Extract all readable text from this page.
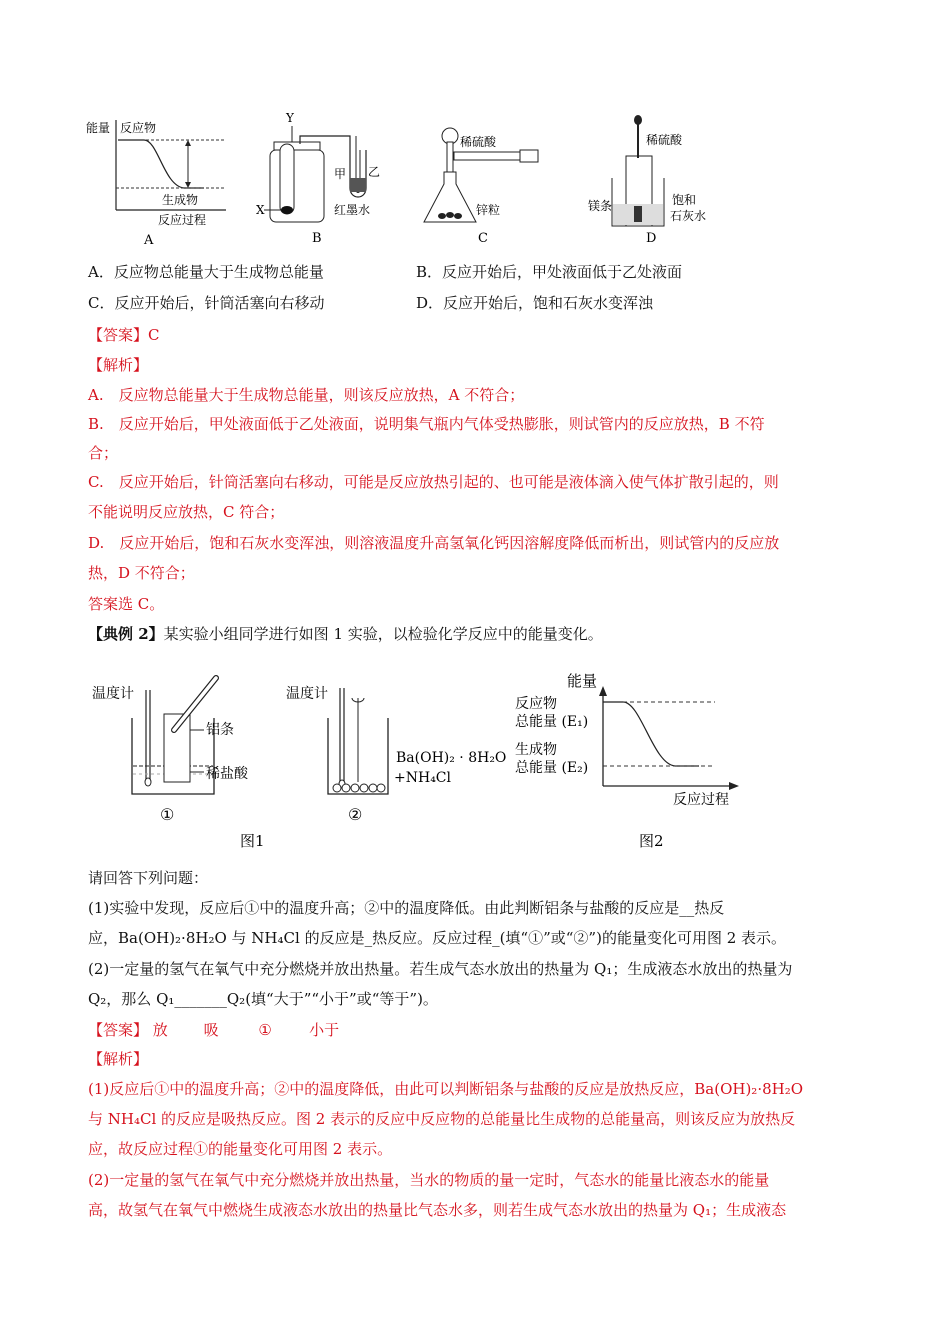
能量 反应物
生成物
反应过程
A
Y
X
甲 乙
红墨水
B
稀硫酸
锌粒
C
稀硫酸
镁条	饱和
石灰水
D
A．反应物总能量大于生成物总能量	B．反应开始后，甲处液面低于乙处液面
C．反应开始后，针筒活塞向右移动	D．反应开始后，饱和石灰水变浑浊
【答案】C
【解析】
A.　反应物总能量大于生成物总能量，则该反应放热，A 不符合；
B.　反应开始后，甲处液面低于乙处液面，说明集气瓶内气体受热膨胀，则试管内的反应放热，B 不符
合；
C.　反应开始后，针筒活塞向右移动，可能是反应放热引起的、也可能是液体滴入使气体扩散引起的，则
不能说明反应放热，C 符合；
D.　反应开始后，饱和石灰水变浑浊，则溶液温度升高氢氧化钙因溶解度降低而析出，则试管内的反应放
热，D 不符合；
答案选 C。
【典例 2】某实验小组同学进行如图 1 实验，以检验化学反应中的能量变化。
温度计
铝条
稀盐酸
①
温度计
Ba(OH)₂ · 8H₂O
+NH₄Cl
②
图1
能量
反应物
总能量 (E₁)
生成物
总能量 (E₂)
反应过程
图2
请回答下列问题：
(1)实验中发现，反应后①中的温度升高；②中的温度降低。由此判断铝条与盐酸的反应是__热反
应，Ba(OH)₂·8H₂O 与 NH₄Cl 的反应是_热反应。反应过程_(填“①”或“②”)的能量变化可用图 2 表示。
(2)一定量的氢气在氧气中充分燃烧并放出热量。若生成气态水放出的热量为 Q₁；生成液态水放出的热量为
Q₂，那么 Q₁_______Q₂(填“大于”“小于”或“等于”)。
【答案】 放 吸	① 小于
【解析】
(1)反应后①中的温度升高；②中的温度降低，由此可以判断铝条与盐酸的反应是放热反应，Ba(OH)₂·8H₂O
与 NH₄Cl 的反应是吸热反应。图 2 表示的反应中反应物的总能量比生成物的总能量高，则该反应为放热反
应，故反应过程①的能量变化可用图 2 表示。
(2)一定量的氢气在氧气中充分燃烧并放出热量，当水的物质的量一定时，气态水的能量比液态水的能量
高，故氢气在氧气中燃烧生成液态水放出的热量比气态水多，则若生成气态水放出的热量为 Q₁；生成液态
